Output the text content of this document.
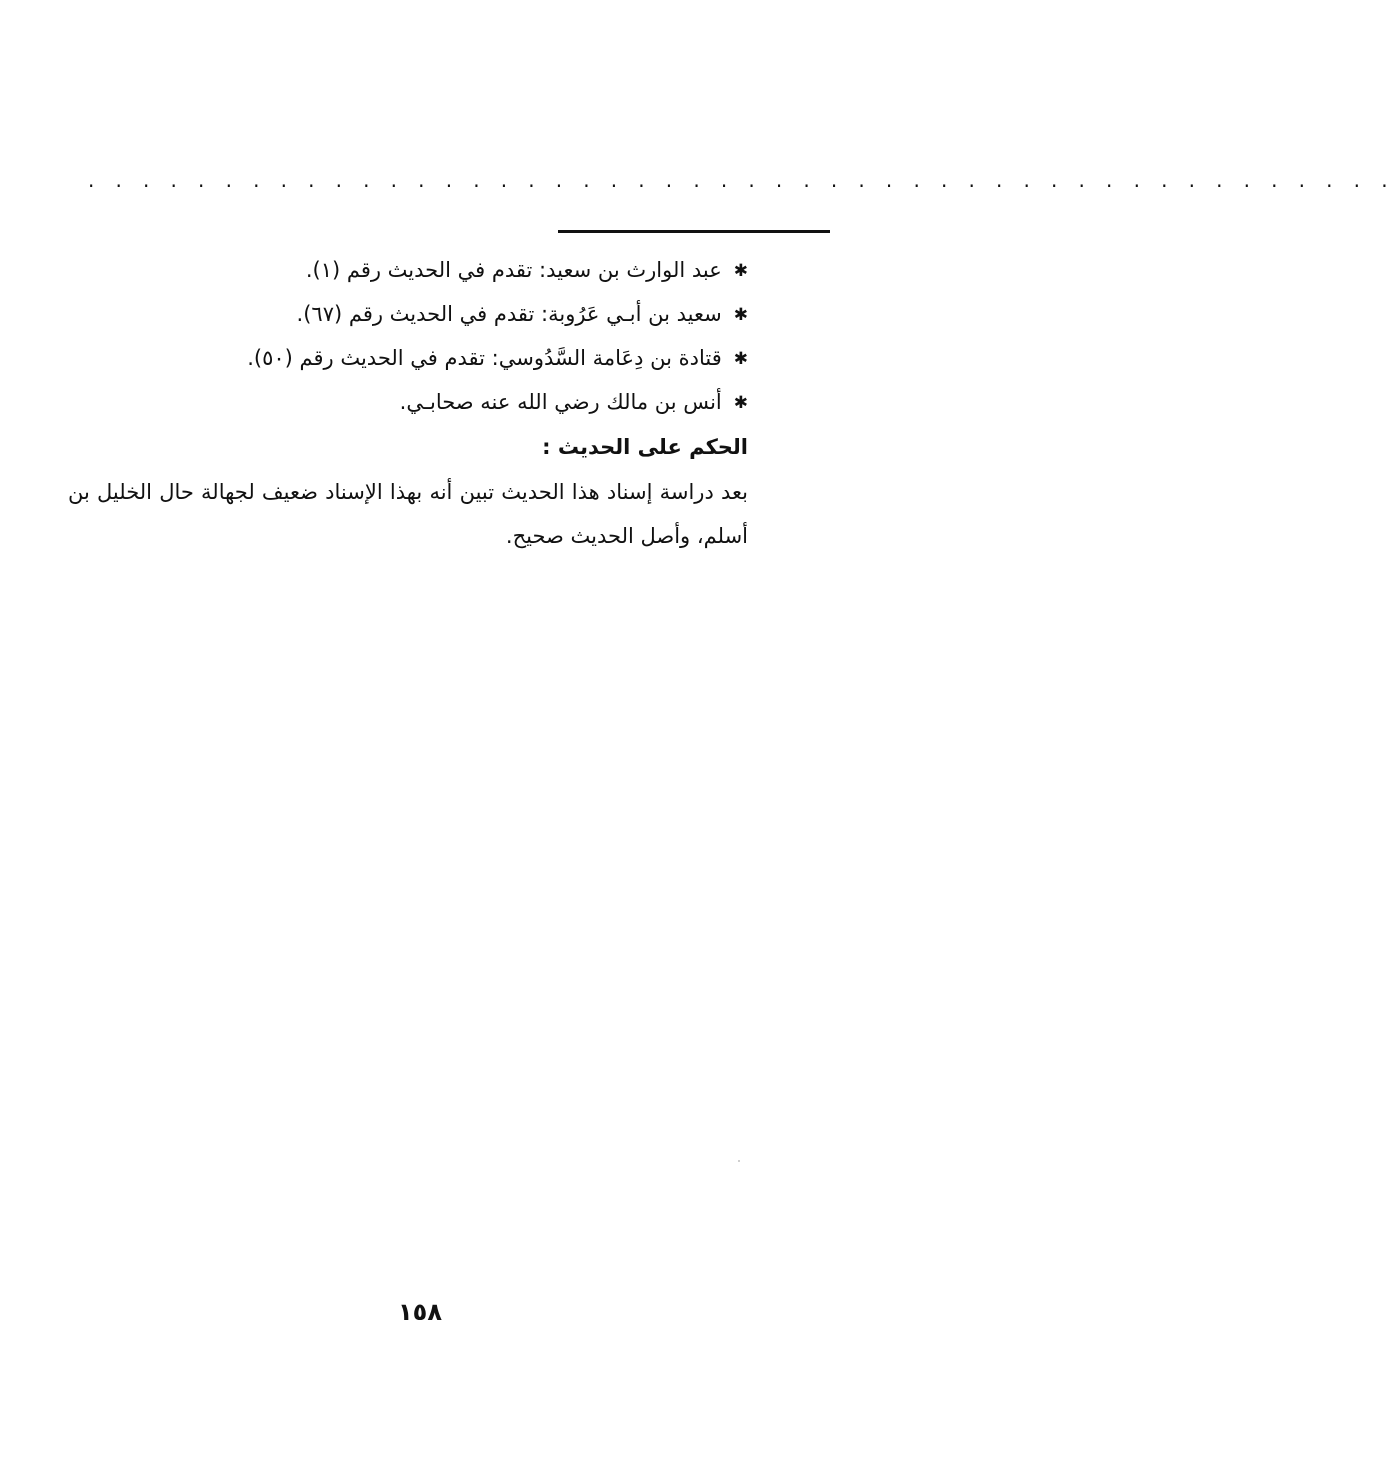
. . . . . . . . . . . . . . . . . . . . . . . . . . . . . . . . . . . . . . . . . . . . . . . .
✱عبد الوارث بن سعيد: تقدم في الحديث رقم (١).
✱سعيد بن أبـي عَرُوبة: تقدم في الحديث رقم (٦٧).
✱قتادة بن دِعَامة السَّدُوسي: تقدم في الحديث رقم (٥٠).
✱أنس بن مالك رضي الله عنه صحابـي.
الحكم على الحديث :
بعد دراسة إسناد هذا الحديث تبين أنه بهذا الإسناد ضعيف لجهالة حال الخليل بن أسلم، وأصل الحديث صحيح.
١٥٨
